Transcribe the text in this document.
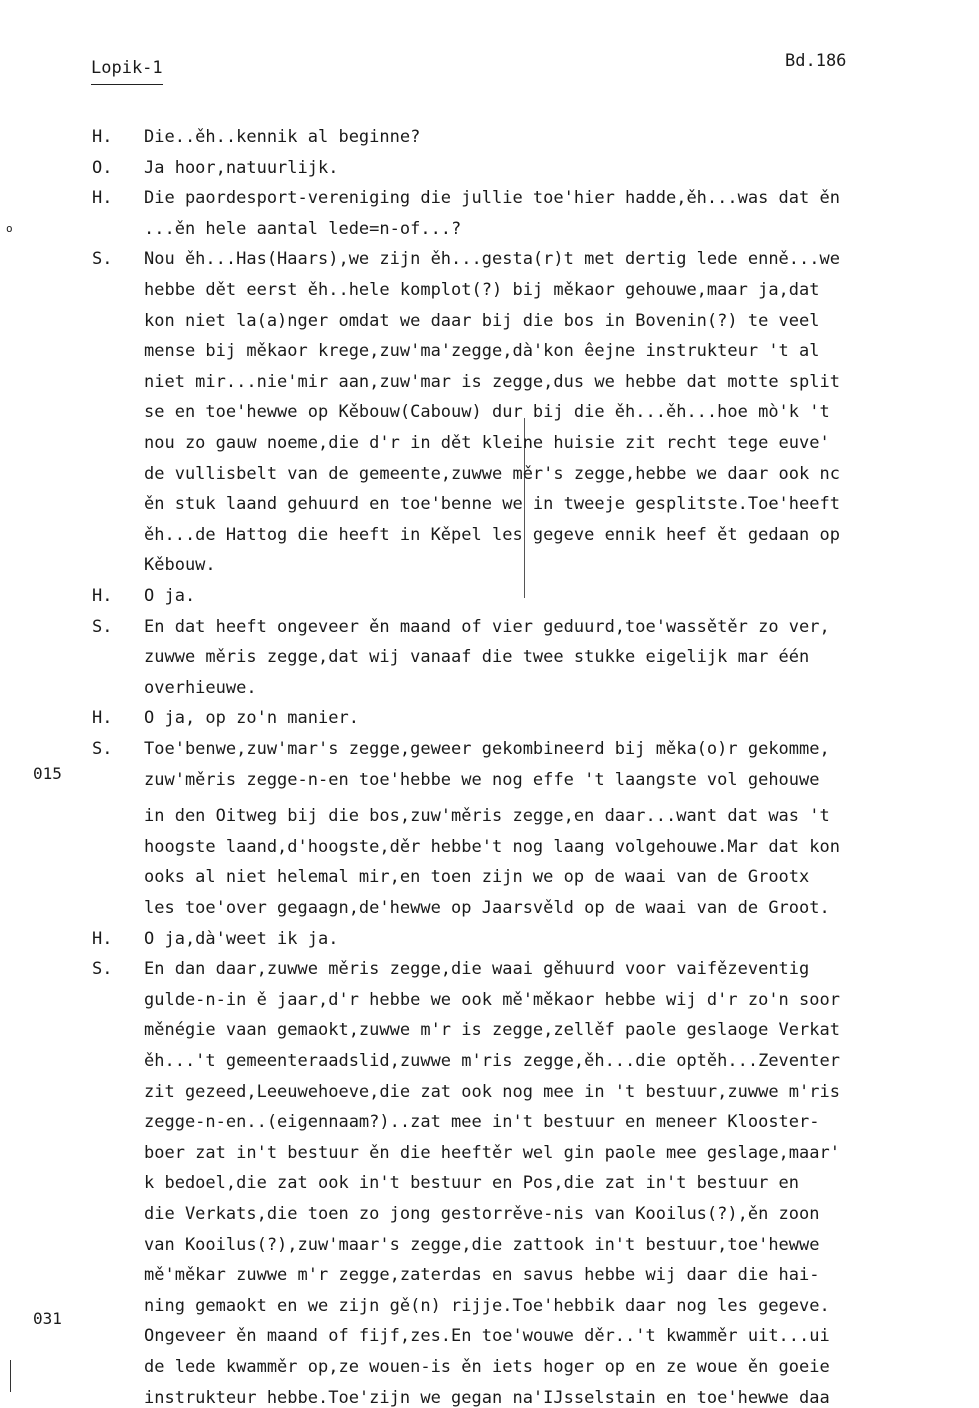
Lopik-1	Bd.186
o
015
031
H. Die..ěh..kennik al beginne?
O. Ja hoor,natuurlijk.
H. Die paordesport-vereniging die jullie toe'hier hadde,ěh...was dat ěn
...ěn hele aantal lede=n-of...?
S. Nou ěh...Has(Haars),we zijn ěh...gesta(r)t met dertig lede enně...we
hebbe dět eerst ěh..hele komplot(?) bij měkaor gehouwe,maar ja,dat
kon niet la(a)nger omdat we daar bij die bos in Bovenin(?) te veel
mense bij měkaor krege,zuw'ma'zegge,dà'kon êejne instrukteur 't al
niet mir...nie'mir aan,zuw'mar is zegge,dus we hebbe dat motte split
se en toe'hewwe op Kěbouw(Cabouw) dur bij die ěh...ěh...hoe mò'k 't
nou zo gauw noeme,die d'r in dět kleine huisie zit recht tege euve'
de vullisbelt van de gemeente,zuwwe měr's zegge,hebbe we daar ook nc
ěn stuk laand gehuurd en toe'benne we in tweeje gesplitste.Toe'heeft
ěh...de Hattog die heeft in Kěpel les gegeve ennik heef ět gedaan op
Kěbouw.
H. O ja.
S. En dat heeft ongeveer ěn maand of vier geduurd,toe'wassětěr zo ver,
zuwwe měris zegge,dat wij vanaaf die twee stukke eigelijk mar één
overhieuwe.
H. O ja, op zo'n manier.
S. Toe'benwe,zuw'mar's zegge,geweer gekombineerd bij měka(o)r gekomme,
zuw'měris zegge-n-en toe'hebbe we nog effe 't laangste vol gehouwe
in den Oitweg bij die bos,zuw'měris zegge,en daar...want dat was 't
hoogste laand,d'hoogste,děr hebbe't nog laang volgehouwe.Mar dat kon
ooks al niet helemal mir,en toen zijn we op de waai van de Grootx
les toe'over gegaagn,de'hewwe op Jaarsvěld op de waai van de Groot.
H. O ja,dà'weet ik ja.
S. En dan daar,zuwwe měris zegge,die waai gěhuurd voor vaifězeventig
gulde-n-in ě jaar,d'r hebbe we ook mě'měkaor hebbe wij d'r zo'n soor
měnégie vaan gemaokt,zuwwe m'r is zegge,zellěf paole geslaoge Verkat
ěh...'t gemeenteraadslid,zuwwe m'ris zegge,ěh...die optěh...Zeventer
zit gezeed,Leeuwehoeve,die zat ook nog mee in 't bestuur,zuwwe m'ris
zegge-n-en..(eigennaam?)..zat mee in't bestuur en meneer Klooster-
boer zat in't bestuur ěn die heeftěr wel gin paole mee geslage,maar'
k bedoel,die zat ook in't bestuur en Pos,die zat in't bestuur en
die Verkats,die toen zo jong gestorrěve-nis van Kooilus(?),ěn zoon
van Kooilus(?),zuw'maar's zegge,die zattook in't bestuur,toe'hewwe
mě'měkar zuwwe m'r zegge,zaterdas en savus hebbe wij daar die hai-
ning gemaokt en we zijn gě(n) rijje.Toe'hebbik daar nog les gegeve.
Ongeveer ěn maand of fijf,zes.En toe'wouwe děr..'t kwamměr uit...ui
de lede kwamměr op,ze wouen-is ěn iets hoger op en ze woue ěn goeie
instrukteur hebbe.Toe'zijn we gegan na'IJsselstain en toe'hewwe daa
